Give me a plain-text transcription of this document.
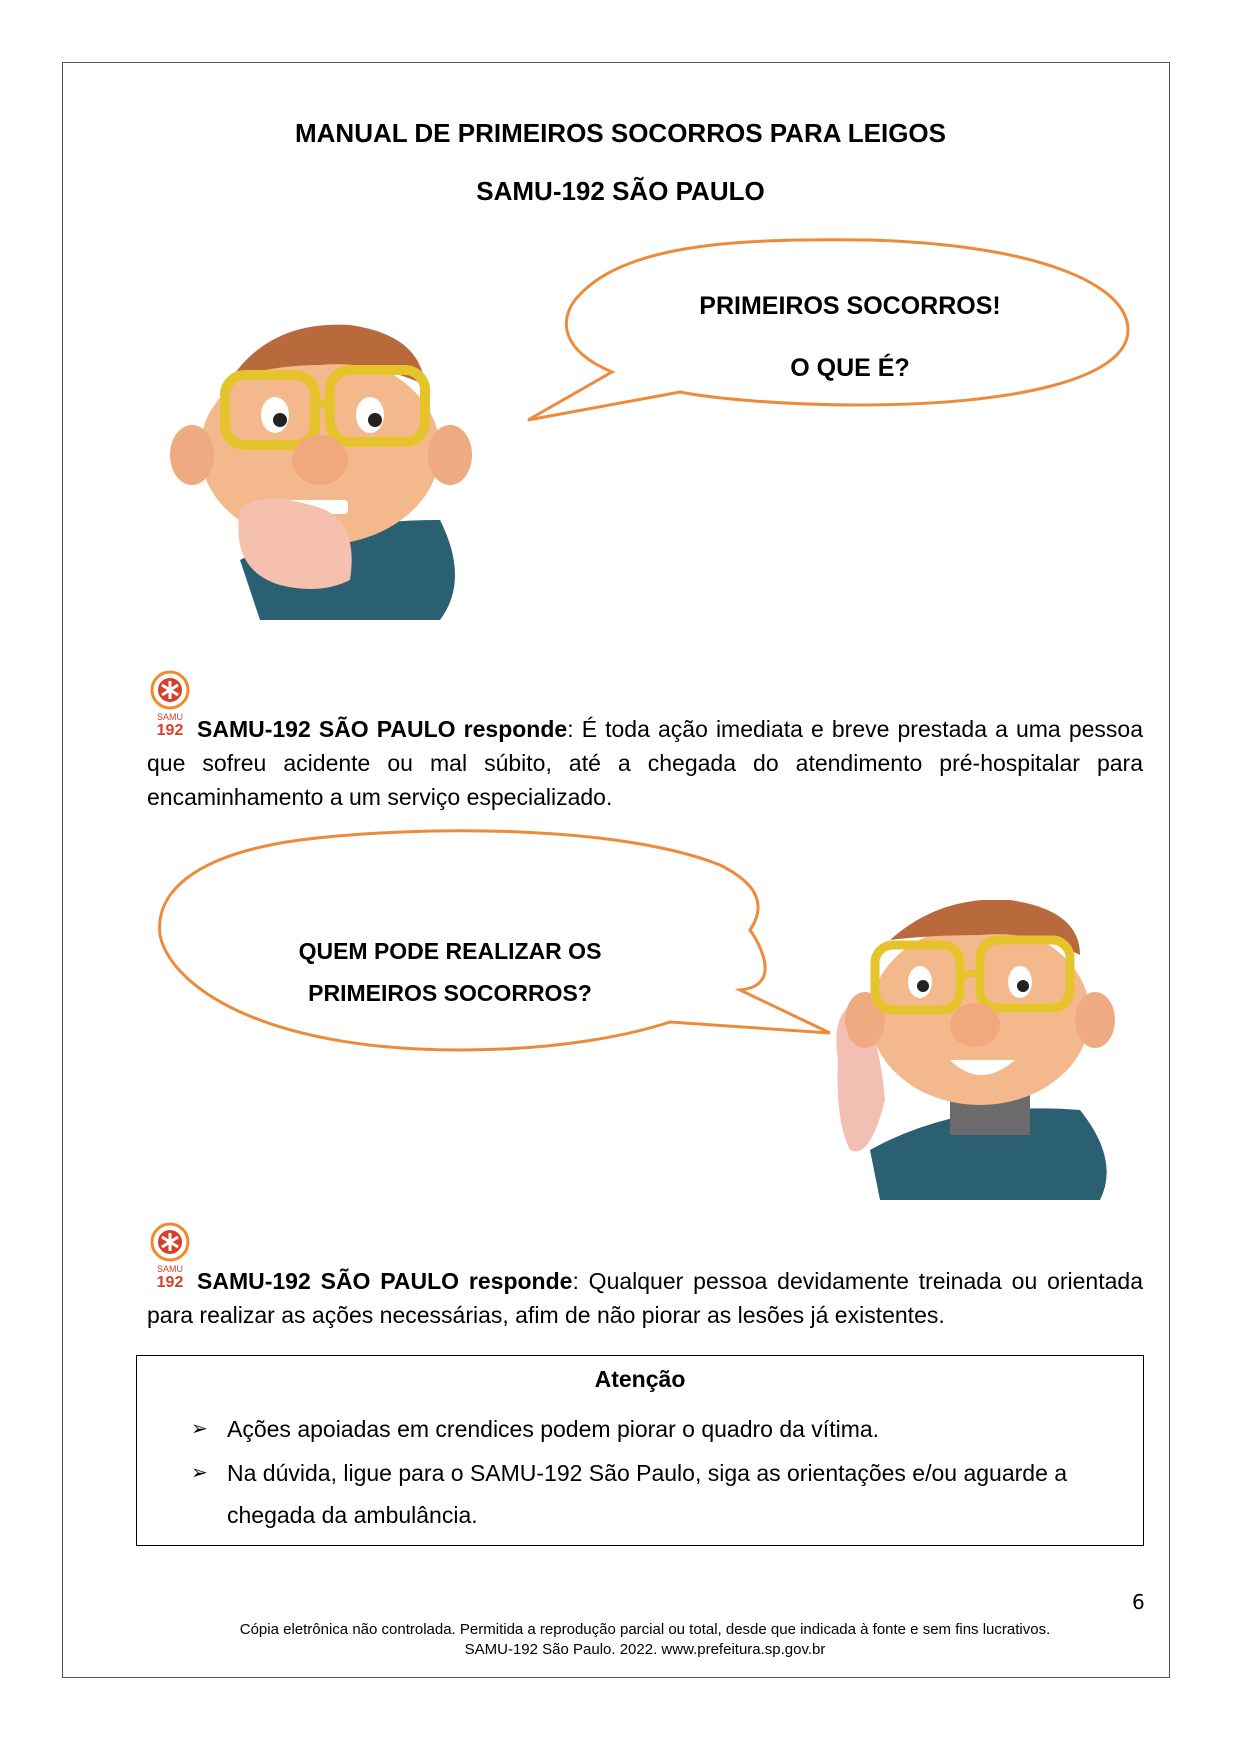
MANUAL DE PRIMEIROS SOCORROS PARA LEIGOS
SAMU-192 SÃO PAULO
PRIMEIROS SOCORROS!
O QUE É?
QUEM PODE REALIZAR OS
PRIMEIROS SOCORROS?
SAMU
192 SAMU-192 SÃO PAULO responde: É toda ação imediata e breve prestada a uma pessoa que sofreu acidente ou mal súbito, até a chegada do atendimento pré-hospitalar para encaminhamento a um serviço especializado.
SAMU
192 SAMU-192 SÃO PAULO responde: Qualquer pessoa devidamente treinada ou orientada para realizar as ações necessárias, afim de não piorar as lesões já existentes.
Atenção
➢ Ações apoiadas em crendices podem piorar o quadro da vítima.
➢ Na dúvida, ligue para o SAMU-192 São Paulo, siga as orientações e/ou aguarde a chegada da ambulância.
6
Cópia eletrônica não controlada. Permitida a reprodução parcial ou total, desde que indicada à fonte e sem fins lucrativos.
SAMU-192 São Paulo. 2022. www.prefeitura.sp.gov.br
